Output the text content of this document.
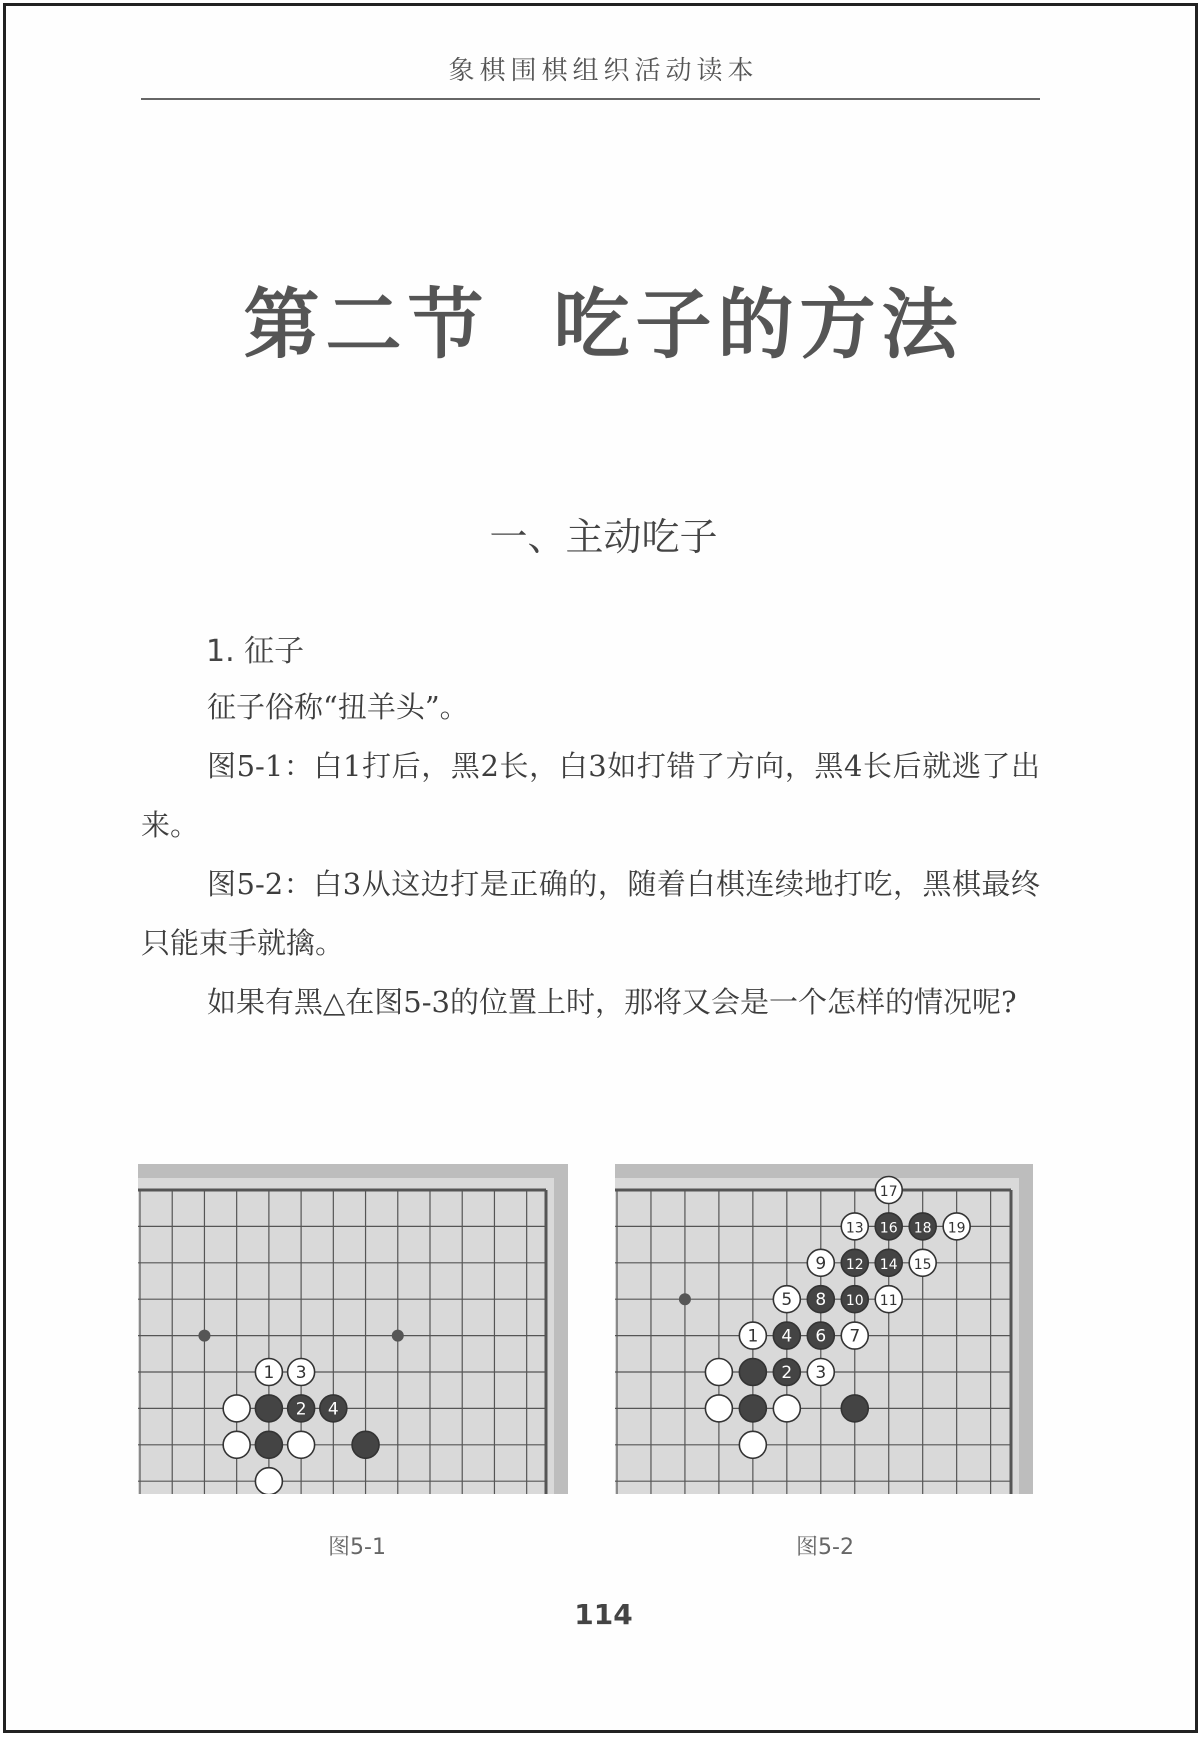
象棋围棋组织活动读本
第二节 吃子的方法
一、主动吃子
1. 征子

征子俗称“扭羊头”。

图5-1：白1打后，黑2长，白3如打错了方向，黑4长后就逃了出来。

图5-2：白3从这边打是正确的，随着白棋连续地打吃，黑棋最终只能束手就擒。

如果有黑△在图5-3的位置上时，那将又会是一个怎样的情况呢?

1 3
2 4
17
13 16 18 19
9 12 14 15
5 8 10 11
1 4 6 7
2 3
图5-1	图5-2
114
